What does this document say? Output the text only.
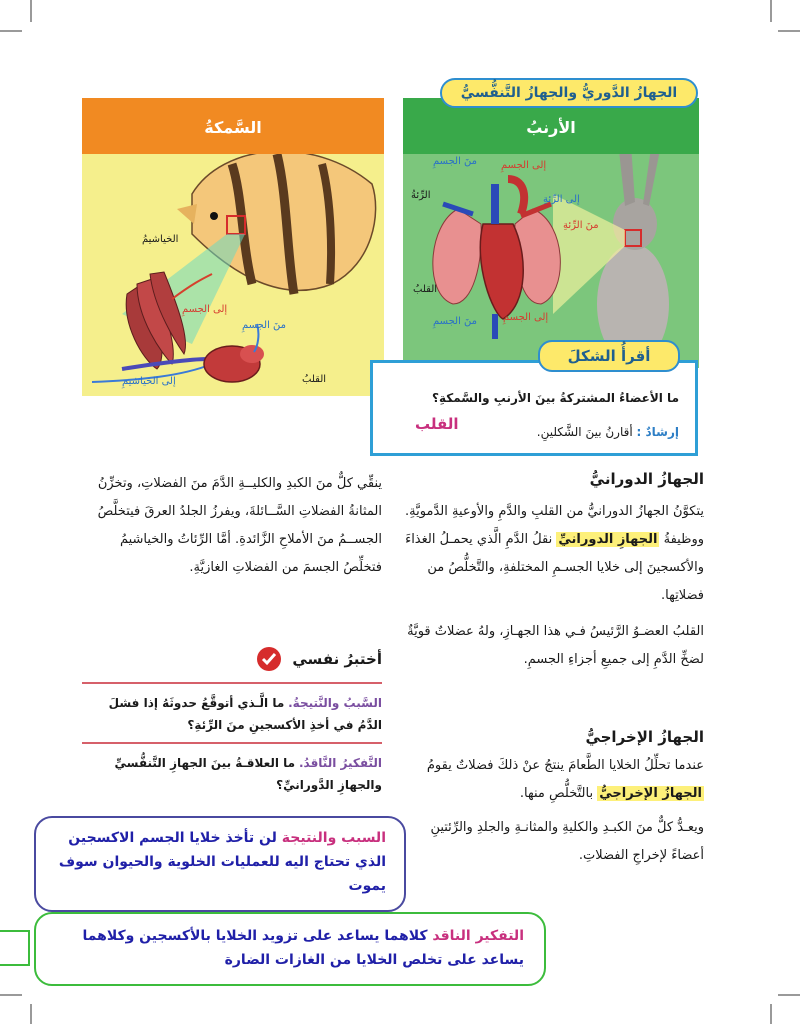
السَّمكةُ
الخياشيمُ
إلى الجسمِ
منَ الجسمِ
القلبُ
إلى الخياشيمِ
الأرنبُ
إلى الجسمِ
منَ الجسمِ
الرِّئةُ	إلى الرِّئةِ
منَ الرِّئةِ
القلبُ
منَ الجسمِ	إلى الجسمِ
الجهازُ الدَّوريُّ والجهازُ التَّنفُّسيُّ
ما الأعضاءُ المشتركةُ بينَ الأرنبِ والسَّمكةِ؟
إرشادٌ : أقارنُ بينَ الشَّكلينِ.
القلب
أقرأُ الشكلَ
الجهازُ الدورانيُّ

يتكوَّنُ الجهازُ الدورانيُّ من القلبِ والدَّمِ والأوعيةِ الدَّمويَّةِ. ووظيفةُ الجهازِ الدورانيِّ نقلُ الدَّمِ الَّذي يحمـلُ الغذاءَ والأكسجينَ إلى خلايا الجسـمِ المختلفةِ، والتَّخلُّصُ من فضلاتِها.

القلبُ العضـوُ الرَّئيسُ فـي هذا الجهـازِ، ولهُ عضلاتٌ قويَّةٌ لضخِّ الدَّمِ إلى جميعِ أجزاءِ الجسمِ.

الجهازُ الإخراجيُّ

عندما تحلِّلُ الخلايا الطَّعامَ ينتجُ عنْ ذلكَ فضلاتٌ يقومُ الجهازُ الإخراجيُّ بالتَّخلُّصِ منها.

ويعـدُّ كلٌّ منَ الكبـدِ والكليةِ والمثانـةِ والجلدِ والرِّئتينِ أعضاءً لإخراجِ الفضلاتِ.

ينقِّي كلٌّ منَ الكبدِ والكليــةِ الدَّمَ منَ الفضلاتِ، وتخزِّنُ المثانةُ الفضلاتِ السَّــائلةَ، ويفرزُ الجلدُ العرقَ فيتخلَّصُ الجســمُ منَ الأملاحِ الزَّائدةِ. أمَّا الرِّئاتُ والخياشيمُ فتخلِّصُ الجسمَ من الفضلاتِ الغازيَّةِ.

أختبرُ نفسي
السَّببُ والنَّتيجةُ. ما الَّـذي أتوقَّعُ حدوثَهُ إذا فشلَ الدَّمُ في أخذِ الأكسجينِ منَ الرِّئةِ؟
التَّفكيرُ النَّاقدُ. ما العلاقـةُ بينَ الجهازِ التَّنفُّسيِّ والجهازِ الدَّورانيِّ؟
السبب والنتيجة لن تأخذ خلايا الجسم الاكسجين الذي تحتاج اليه للعمليات الخلوية والحيوان سوف يموت
التفكير الناقد كلاهما يساعد على تزويد الخلايا بالأكسجين وكلاهما يساعد على تخلص الخلايا من الغازات الضارة
